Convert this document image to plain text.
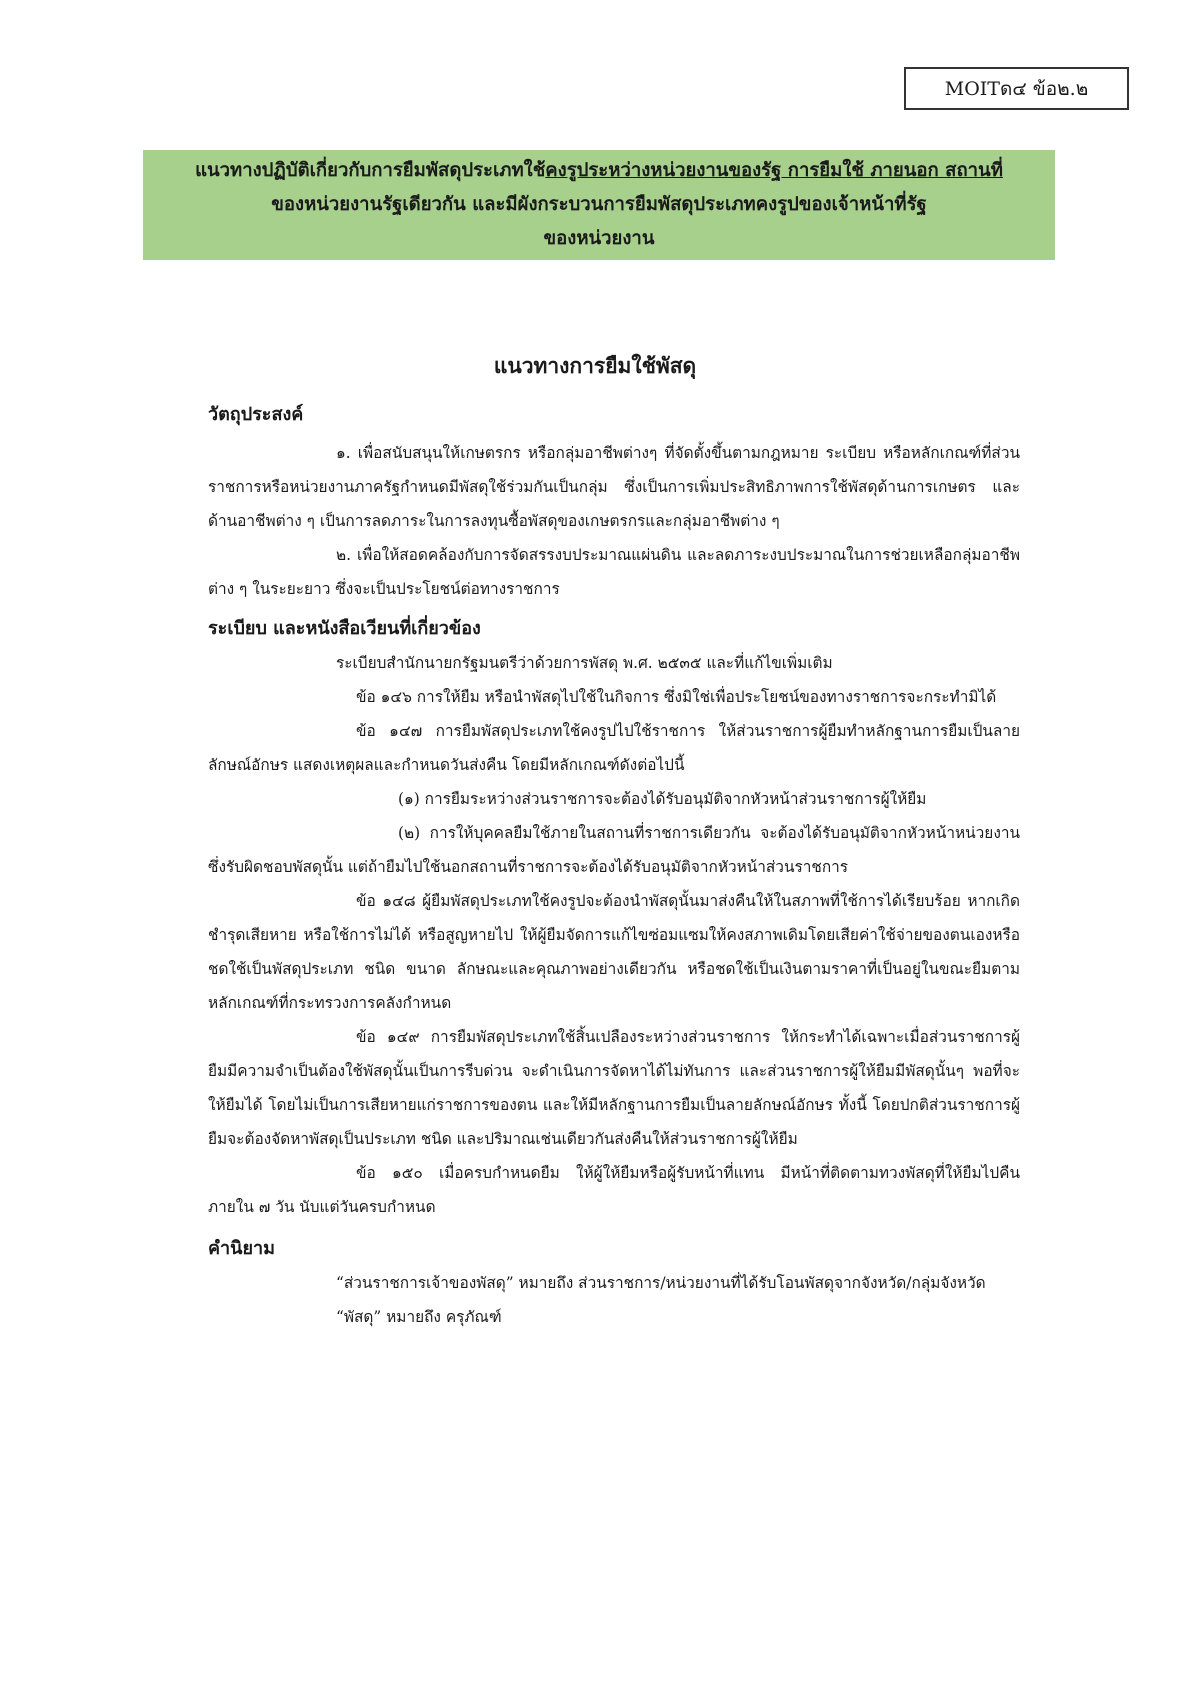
MOITด๔ ข้อ๒.๒
แนวทางปฏิบัติเกี่ยวกับการยืมพัสดุประเภทใช้คงรูประหว่างหน่วยงานของรัฐ การยืมใช้ ภายนอก สถานที่
ของหน่วยงานรัฐเดียวกัน และมีผังกระบวนการยืมพัสดุประเภทคงรูปของเจ้าหน้าที่รัฐ
ของหน่วยงาน
แนวทางการยืมใช้พัสดุ

วัตถุประสงค์

๑. เพื่อสนับสนุนให้เกษตรกร หรือกลุ่มอาชีพต่างๆ ที่จัดตั้งขึ้นตามกฎหมาย ระเบียบ หรือหลักเกณฑ์ที่ส่วนราชการหรือหน่วยงานภาครัฐกำหนดมีพัสดุใช้ร่วมกันเป็นกลุ่ม ซึ่งเป็นการเพิ่มประสิทธิภาพการใช้พัสดุด้านการเกษตร และด้านอาชีพต่าง ๆ เป็นการลดภาระในการลงทุนซื้อพัสดุของเกษตรกรและกลุ่มอาชีพต่าง ๆ

๒. เพื่อให้สอดคล้องกับการจัดสรรงบประมาณแผ่นดิน และลดภาระงบประมาณในการช่วยเหลือกลุ่มอาชีพต่าง ๆ ในระยะยาว ซึ่งจะเป็นประโยชน์ต่อทางราชการ

ระเบียบ และหนังสือเวียนที่เกี่ยวข้อง

ระเบียบสำนักนายกรัฐมนตรีว่าด้วยการพัสดุ พ.ศ. ๒๕๓๕ และที่แก้ไขเพิ่มเติม

ข้อ ๑๔๖ การให้ยืม หรือนำพัสดุไปใช้ในกิจการ ซึ่งมิใช่เพื่อประโยชน์ของทางราชการจะกระทำมิได้

ข้อ ๑๔๗ การยืมพัสดุประเภทใช้คงรูปไปใช้ราชการ ให้ส่วนราชการผู้ยืมทำหลักฐานการยืมเป็นลายลักษณ์อักษร แสดงเหตุผลและกำหนดวันส่งคืน โดยมีหลักเกณฑ์ดังต่อไปนี้

(๑) การยืมระหว่างส่วนราชการจะต้องได้รับอนุมัติจากหัวหน้าส่วนราชการผู้ให้ยืม

(๒) การให้บุคคลยืมใช้ภายในสถานที่ราชการเดียวกัน จะต้องได้รับอนุมัติจากหัวหน้าหน่วยงานซึ่งรับผิดชอบพัสดุนั้น แต่ถ้ายืมไปใช้นอกสถานที่ราชการจะต้องได้รับอนุมัติจากหัวหน้าส่วนราชการ

ข้อ ๑๔๘ ผู้ยืมพัสดุประเภทใช้คงรูปจะต้องนำพัสดุนั้นมาส่งคืนให้ในสภาพที่ใช้การได้เรียบร้อย หากเกิดชำรุดเสียหาย หรือใช้การไม่ได้ หรือสูญหายไป ให้ผู้ยืมจัดการแก้ไขซ่อมแซมให้คงสภาพเดิมโดยเสียค่าใช้จ่ายของตนเองหรือชดใช้เป็นพัสดุประเภท ชนิด ขนาด ลักษณะและคุณภาพอย่างเดียวกัน หรือชดใช้เป็นเงินตามราคาที่เป็นอยู่ในขณะยืมตามหลักเกณฑ์ที่กระทรวงการคลังกำหนด

ข้อ ๑๔๙ การยืมพัสดุประเภทใช้สิ้นเปลืองระหว่างส่วนราชการ ให้กระทำได้เฉพาะเมื่อส่วนราชการผู้ยืมมีความจำเป็นต้องใช้พัสดุนั้นเป็นการรีบด่วน จะดำเนินการจัดหาได้ไม่ทันการ และส่วนราชการผู้ให้ยืมมีพัสดุนั้นๆ พอที่จะให้ยืมได้ โดยไม่เป็นการเสียหายแก่ราชการของตน และให้มีหลักฐานการยืมเป็นลายลักษณ์อักษร ทั้งนี้ โดยปกติส่วนราชการผู้ยืมจะต้องจัดหาพัสดุเป็นประเภท ชนิด และปริมาณเช่นเดียวกันส่งคืนให้ส่วนราชการผู้ให้ยืม

ข้อ ๑๕๐ เมื่อครบกำหนดยืม ให้ผู้ให้ยืมหรือผู้รับหน้าที่แทน มีหน้าที่ติดตามทวงพัสดุที่ให้ยืมไปคืนภายใน ๗ วัน นับแต่วันครบกำหนด

คำนิยาม

“ส่วนราชการเจ้าของพัสดุ” หมายถึง ส่วนราชการ/หน่วยงานที่ได้รับโอนพัสดุจากจังหวัด/กลุ่มจังหวัด

“พัสดุ” หมายถึง ครุภัณฑ์
